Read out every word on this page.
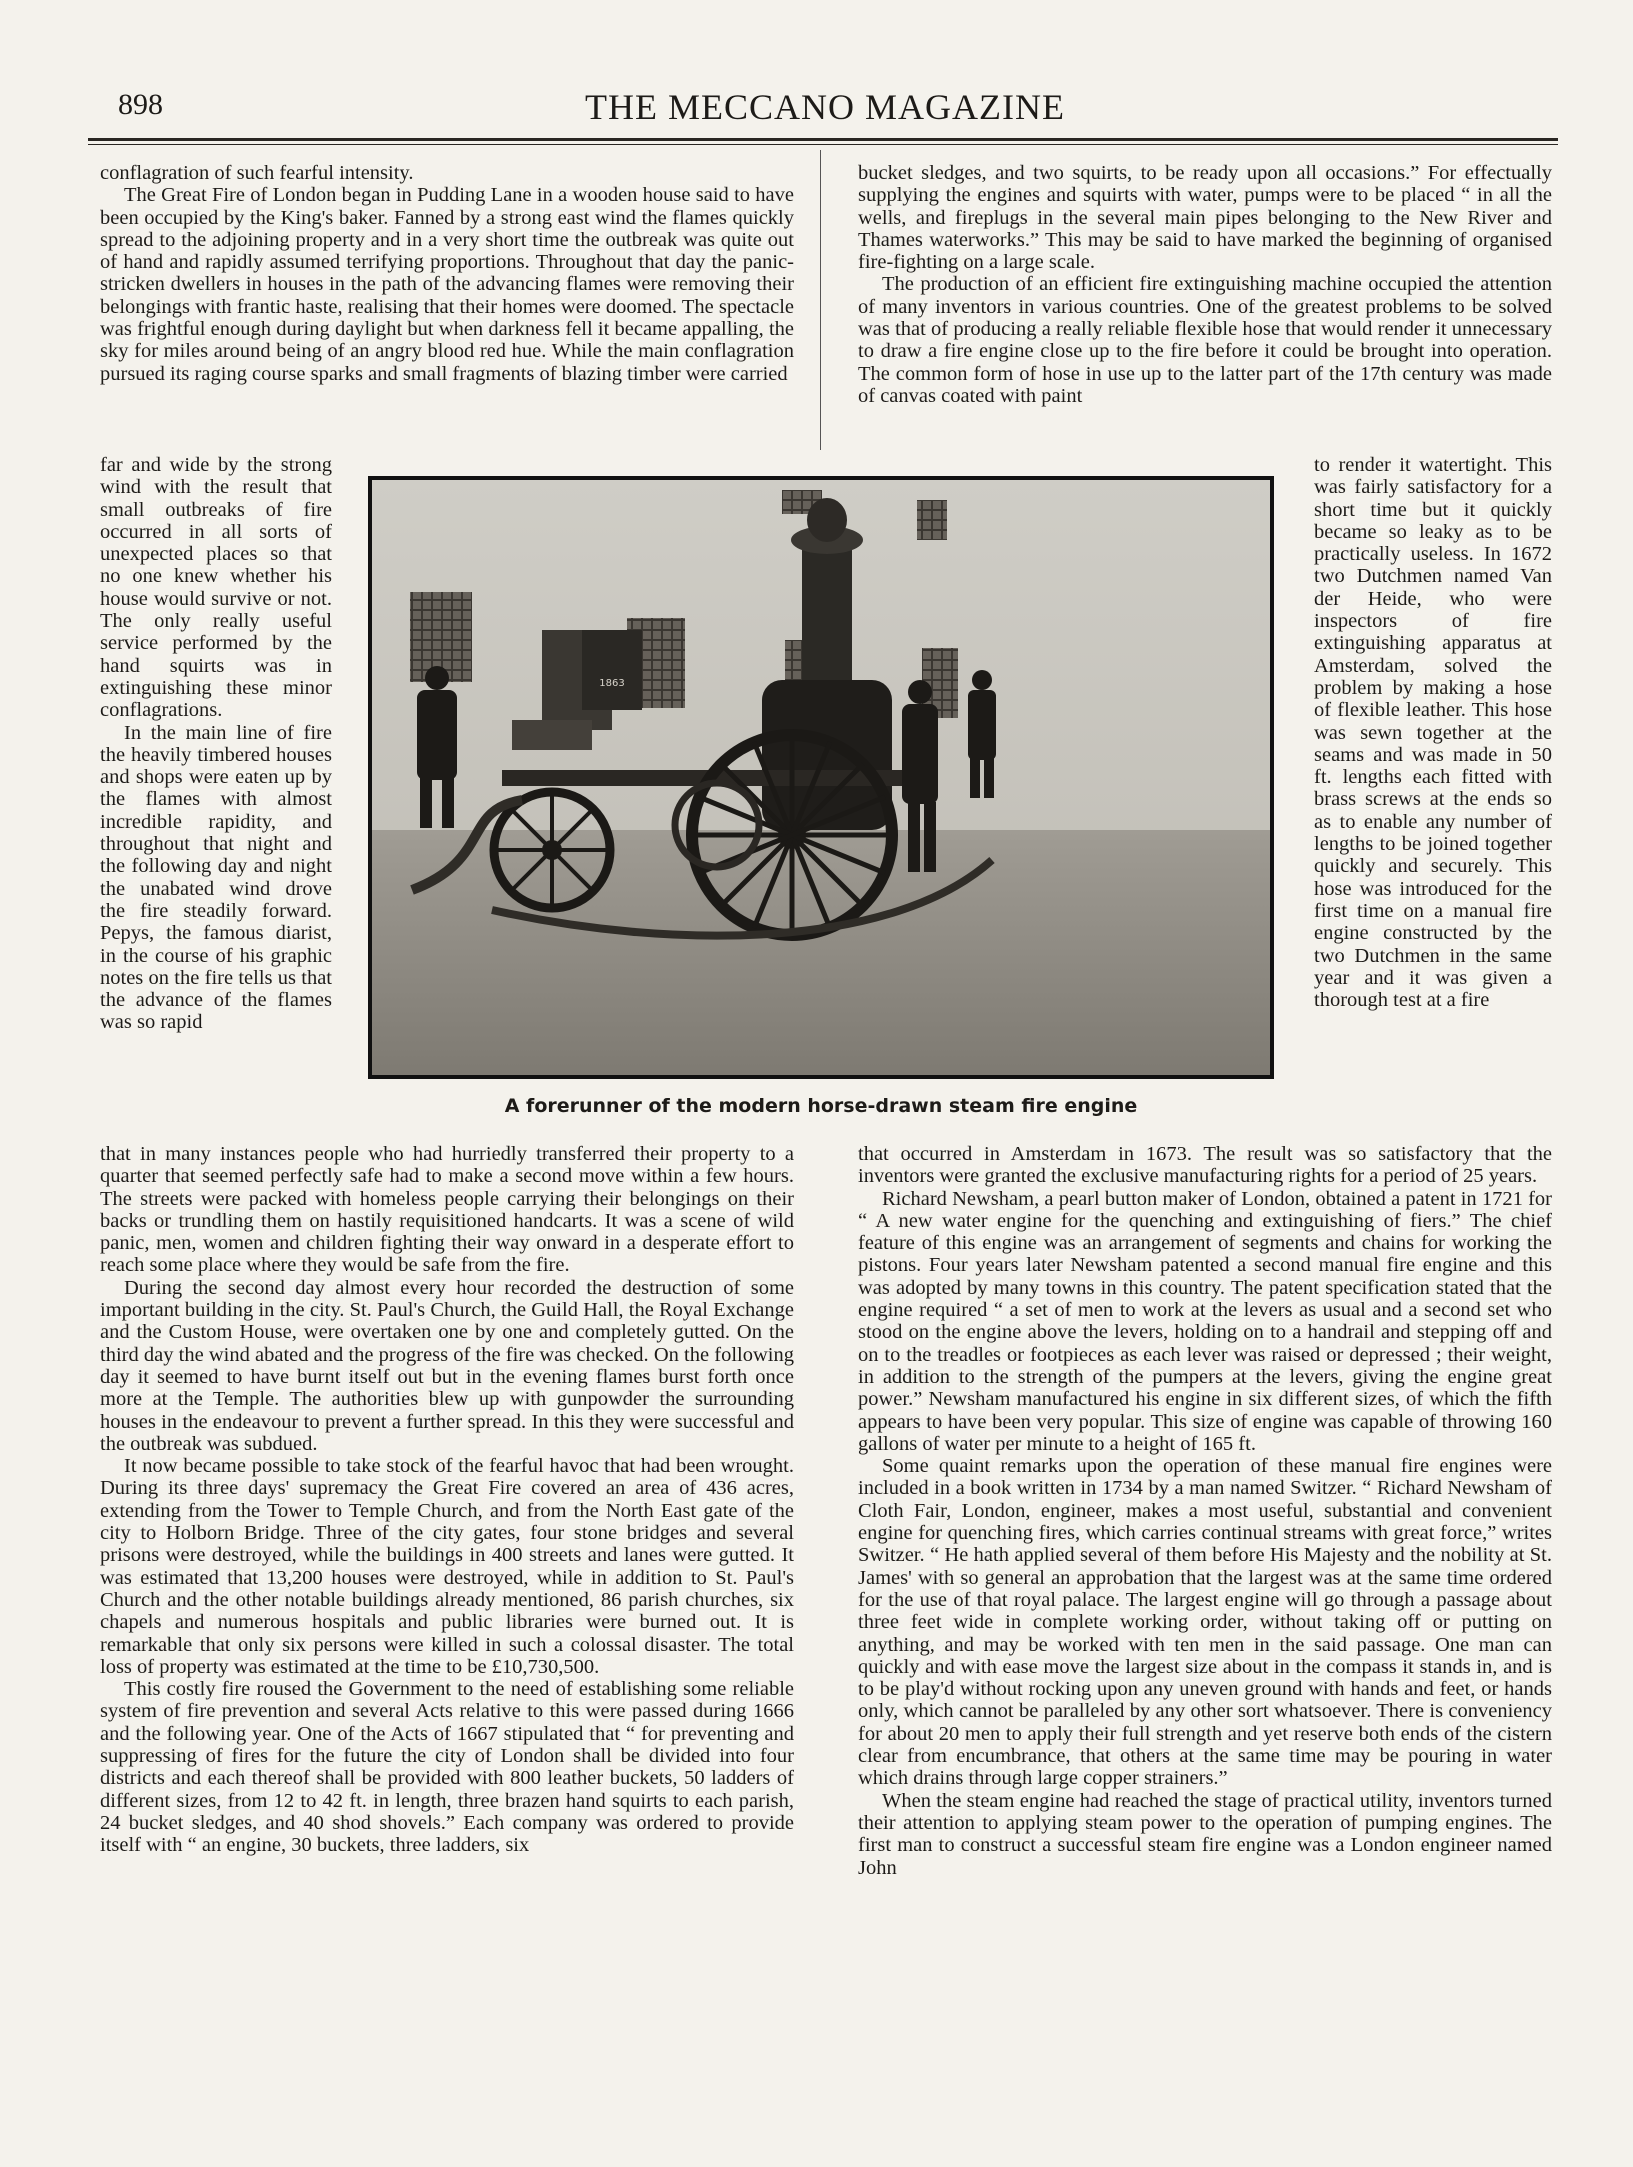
898	THE MECCANO MAGAZINE

conflagration of such fearful intensity.

The Great Fire of London began in Pudding Lane in a wooden house said to have been occupied by the King's baker. Fanned by a strong east wind the flames quickly spread to the adjoining property and in a very short time the outbreak was quite out of hand and rapidly assumed terrifying proportions. Throughout that day the panic-stricken dwellers in houses in the path of the advancing flames were removing their belongings with frantic haste, realising that their homes were doomed. The spectacle was frightful enough during daylight but when darkness fell it became appalling, the sky for miles around being of an angry blood red hue. While the main conflagration pursued its raging course sparks and small fragments of blazing timber were carried

far and wide by the strong wind with the result that small outbreaks of fire occurred in all sorts of unexpected places so that no one knew whether his house would survive or not. The only really useful service performed by the hand squirts was in extinguishing these minor conflagrations.

In the main line of fire the heavily timbered houses and shops were eaten up by the flames with almost incredible rapidity, and throughout that night and the following day and night the unabated wind drove the fire steadily forward. Pepys, the famous diarist, in the course of his graphic notes on the fire tells us that the advance of the flames was so rapid

that in many instances people who had hurriedly transferred their property to a quarter that seemed perfectly safe had to make a second move within a few hours. The streets were packed with homeless people carrying their belongings on their backs or trundling them on hastily requisitioned handcarts. It was a scene of wild panic, men, women and children fighting their way onward in a desperate effort to reach some place where they would be safe from the fire.

During the second day almost every hour recorded the destruction of some important building in the city. St. Paul's Church, the Guild Hall, the Royal Exchange and the Custom House, were overtaken one by one and completely gutted. On the third day the wind abated and the progress of the fire was checked. On the following day it seemed to have burnt itself out but in the evening flames burst forth once more at the Temple. The authorities blew up with gunpowder the surrounding houses in the endeavour to prevent a further spread. In this they were successful and the outbreak was subdued.

It now became possible to take stock of the fearful havoc that had been wrought. During its three days' supremacy the Great Fire covered an area of 436 acres, extending from the Tower to Temple Church, and from the North East gate of the city to Holborn Bridge. Three of the city gates, four stone bridges and several prisons were destroyed, while the buildings in 400 streets and lanes were gutted. It was estimated that 13,200 houses were destroyed, while in addition to St. Paul's Church and the other notable buildings already mentioned, 86 parish churches, six chapels and numerous hospitals and public libraries were burned out. It is remarkable that only six persons were killed in such a colossal disaster. The total loss of property was estimated at the time to be £10,730,500.

This costly fire roused the Government to the need of establishing some reliable system of fire prevention and several Acts relative to this were passed during 1666 and the following year. One of the Acts of 1667 stipulated that “ for preventing and suppressing of fires for the future the city of London shall be divided into four districts and each thereof shall be provided with 800 leather buckets, 50 ladders of different sizes, from 12 to 42 ft. in length, three brazen hand squirts to each parish, 24 bucket sledges, and 40 shod shovels.” Each company was ordered to provide itself with “ an engine, 30 buckets, three ladders, six

bucket sledges, and two squirts, to be ready upon all occasions.” For effectually supplying the engines and squirts with water, pumps were to be placed “ in all the wells, and fireplugs in the several main pipes belonging to the New River and Thames waterworks.” This may be said to have marked the beginning of organised fire-fighting on a large scale.

The production of an efficient fire extinguishing machine occupied the attention of many inventors in various countries. One of the greatest problems to be solved was that of producing a really reliable flexible hose that would render it unnecessary to draw a fire engine close up to the fire before it could be brought into operation. The common form of hose in use up to the latter part of the 17th century was made of canvas coated with paint

to render it watertight. This was fairly satisfactory for a short time but it quickly became so leaky as to be practically useless. In 1672 two Dutchmen named Van der Heide, who were inspectors of fire extinguishing apparatus at Amsterdam, solved the problem by making a hose of flexible leather. This hose was sewn together at the seams and was made in 50 ft. lengths each fitted with brass screws at the ends so as to enable any number of lengths to be joined together quickly and securely. This hose was introduced for the first time on a manual fire engine constructed by the two Dutchmen in the same year and it was given a thorough test at a fire

that occurred in Amsterdam in 1673. The result was so satisfactory that the inventors were granted the exclusive manufacturing rights for a period of 25 years.

Richard Newsham, a pearl button maker of London, obtained a patent in 1721 for “ A new water engine for the quenching and extinguishing of fiers.” The chief feature of this engine was an arrangement of segments and chains for working the pistons. Four years later Newsham patented a second manual fire engine and this was adopted by many towns in this country. The patent specification stated that the engine required “ a set of men to work at the levers as usual and a second set who stood on the engine above the levers, holding on to a handrail and stepping off and on to the treadles or footpieces as each lever was raised or depressed ; their weight, in addition to the strength of the pumpers at the levers, giving the engine great power.” Newsham manufactured his engine in six different sizes, of which the fifth appears to have been very popular. This size of engine was capable of throwing 160 gallons of water per minute to a height of 165 ft.

Some quaint remarks upon the operation of these manual fire engines were included in a book written in 1734 by a man named Switzer. “ Richard Newsham of Cloth Fair, London, engineer, makes a most useful, substantial and convenient engine for quenching fires, which carries continual streams with great force,” writes Switzer. “ He hath applied several of them before His Majesty and the nobility at St. James' with so general an approbation that the largest was at the same time ordered for the use of that royal palace. The largest engine will go through a passage about three feet wide in complete working order, without taking off or putting on anything, and may be worked with ten men in the said passage. One man can quickly and with ease move the largest size about in the compass it stands in, and is to be play'd without rocking upon any uneven ground with hands and feet, or hands only, which cannot be paralleled by any other sort whatsoever. There is conveniency for about 20 men to apply their full strength and yet reserve both ends of the cistern clear from encumbrance, that others at the same time may be pouring in water which drains through large copper strainers.”

When the steam engine had reached the stage of practical utility, inventors turned their attention to applying steam power to the operation of pumping engines. The first man to construct a successful steam fire engine was a London engineer named John

1863
A forerunner of the modern horse-drawn steam fire engine
